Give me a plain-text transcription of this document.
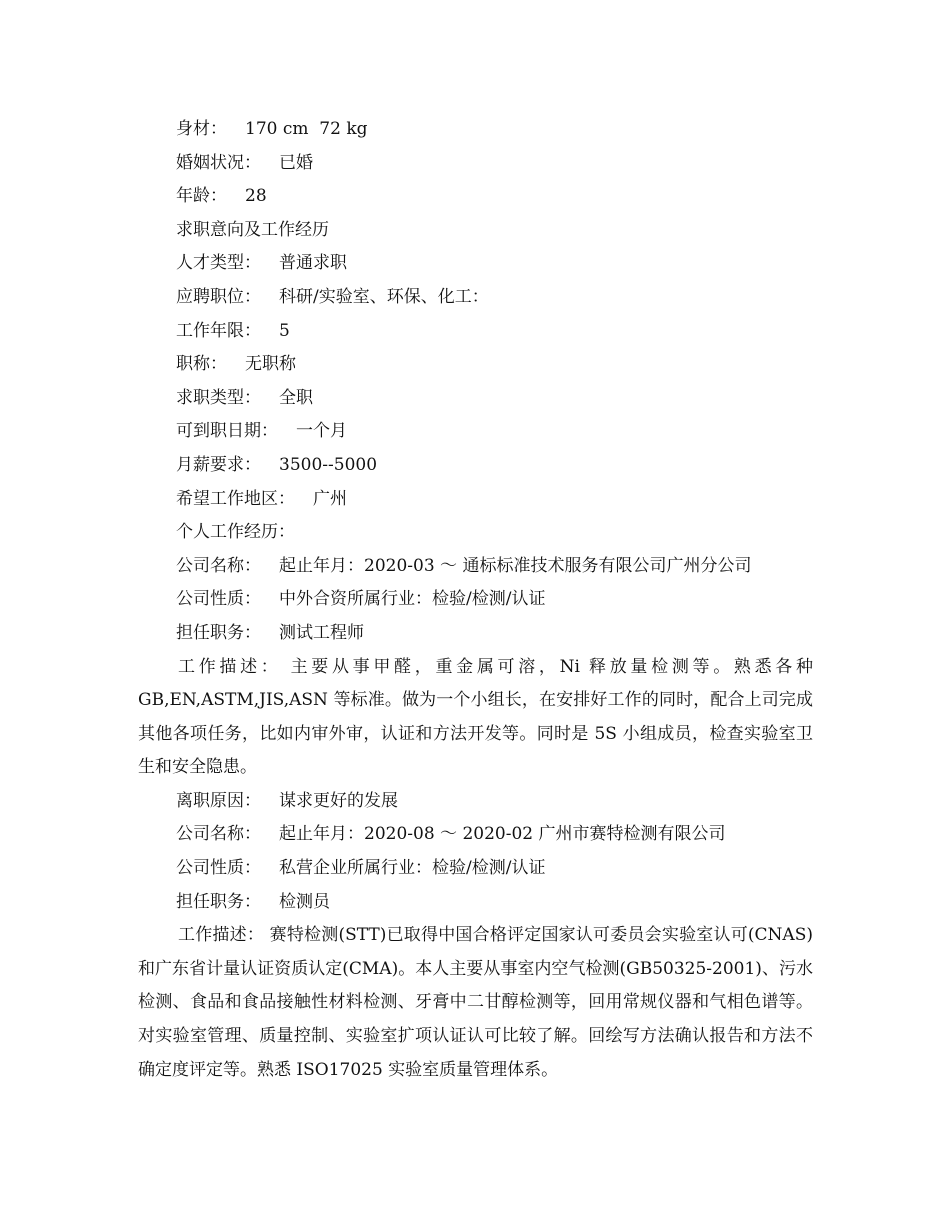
身材： 170 cm  72 kg
婚姻状况： 已婚
年龄： 28
求职意向及工作经历
人才类型： 普通求职
应聘职位： 科研/实验室、环保、化工：
工作年限： 5
职称： 无职称
求职类型： 全职
可到职日期： 一个月
月薪要求： 3500--5000
希望工作地区： 广州
个人工作经历：
公司名称： 起止年月：2020-03 ～ 通标标准技术服务有限公司广州分公司
公司性质： 中外合资所属行业：检验/检测/认证
担任职务： 测试工程师

工作描述： 主要从事甲醛，重金属可溶，Ni 释放量检测等。熟悉各种 GB,EN,ASTM,JIS,ASN 等标准。做为一个小组长，在安排好工作的同时，配合上司完成其他各项任务，比如内审外审，认证和方法开发等。同时是 5S 小组成员，检查实验室卫生和安全隐患。

离职原因： 谋求更好的发展
公司名称： 起止年月：2020-08 ～ 2020-02 广州市赛特检测有限公司
公司性质： 私营企业所属行业：检验/检测/认证
担任职务： 检测员

工作描述： 赛特检测(STT)已取得中国合格评定国家认可委员会实验室认可(CNAS)和广东省计量认证资质认定(CMA)。本人主要从事室内空气检测(GB50325-2001)、污水检测、食品和食品接触性材料检测、牙膏中二甘醇检测等，回用常规仪器和气相色谱等。对实验室管理、质量控制、实验室扩项认证认可比较了解。回绘写方法确认报告和方法不确定度评定等。熟悉 ISO17025 实验室质量管理体系。
